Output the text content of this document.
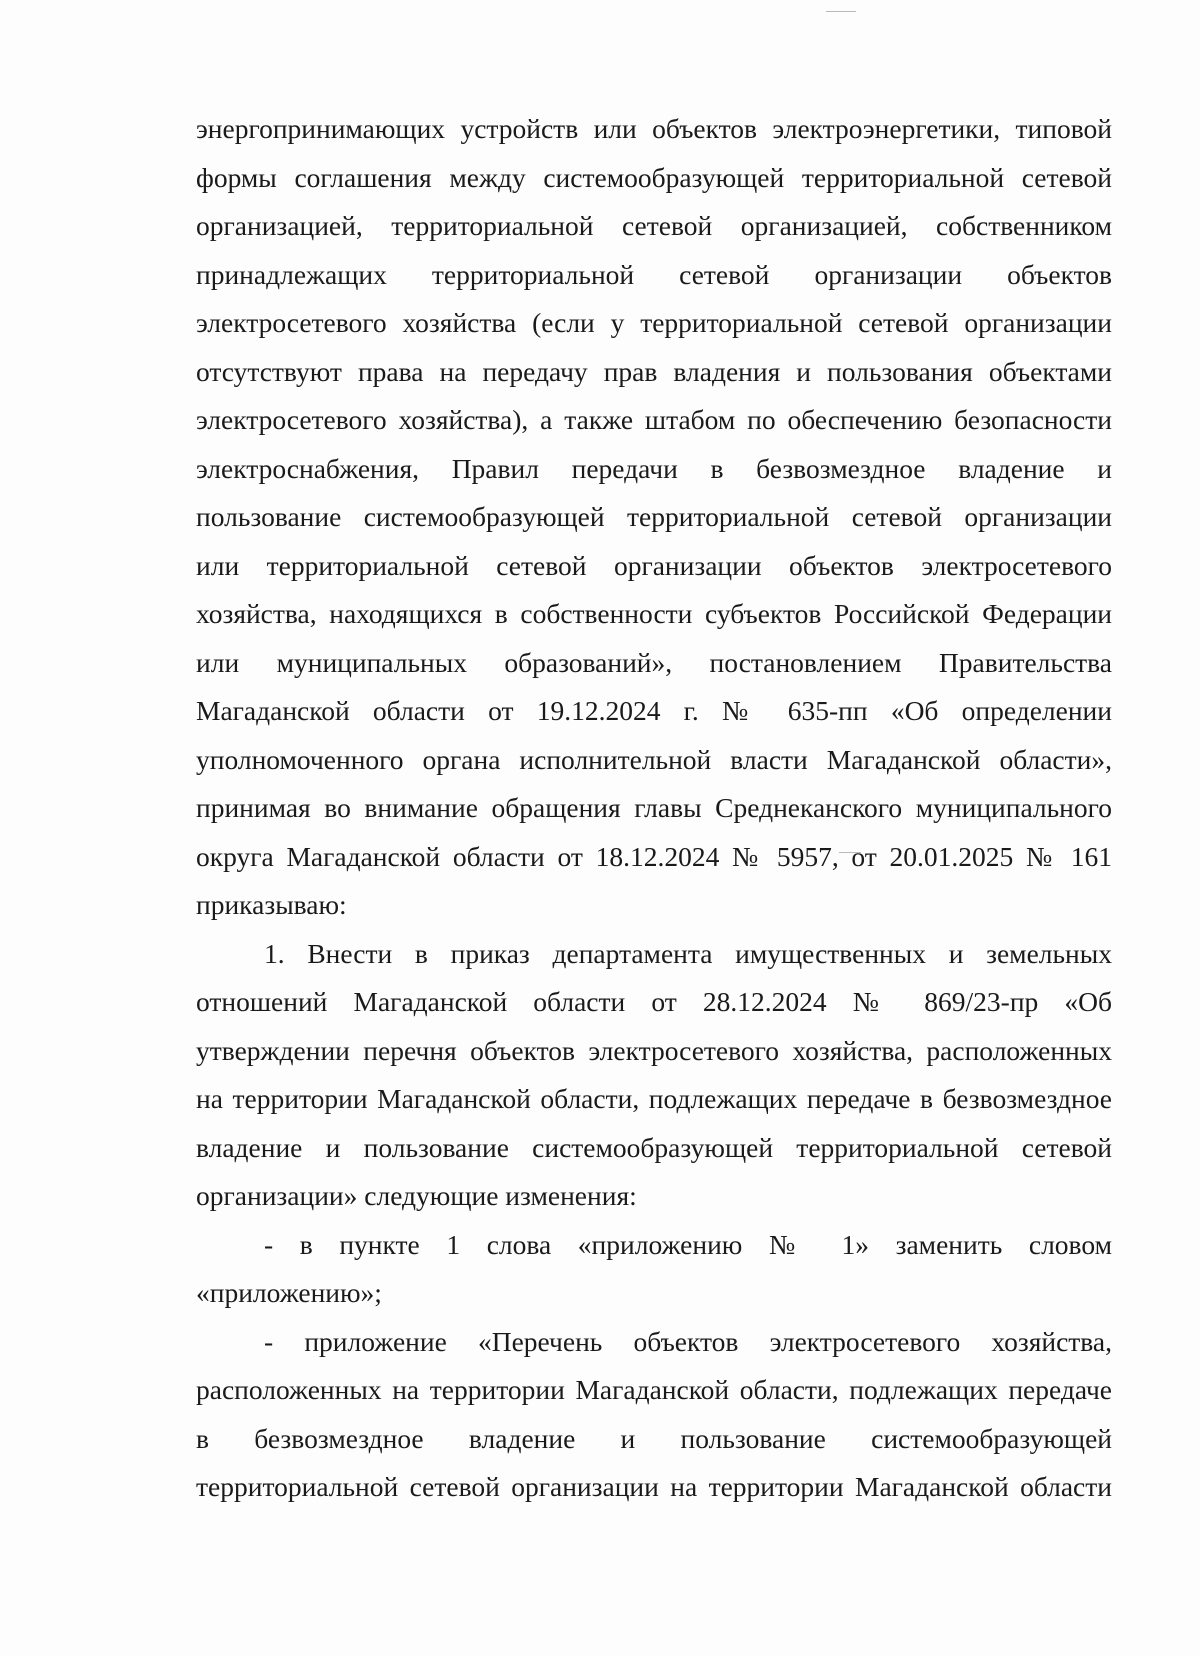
энергопринимающих устройств или объектов электроэнергетики, типовой
формы соглашения между системообразующей территориальной сетевой
организацией, территориальной сетевой организацией, собственником
принадлежащих территориальной сетевой организации объектов
электросетевого хозяйства (если у территориальной сетевой организации
отсутствуют права на передачу прав владения и пользования объектами
электросетевого хозяйства), а также штабом по обеспечению безопасности
электроснабжения, Правил передачи в безвозмездное владение и
пользование системообразующей территориальной сетевой организации
или территориальной сетевой организации объектов электросетевого
хозяйства, находящихся в собственности субъектов Российской Федерации
или муниципальных образований», постановлением Правительства
Магаданской области от 19.12.2024 г. № 635-пп «Об определении
уполномоченного органа исполнительной власти Магаданской области»,
принимая во внимание обращения главы Среднеканского муниципального
округа Магаданской области от 18.12.2024 № 5957, от 20.01.2025 № 161
приказываю:
1. Внести в приказ департамента имущественных и земельных
отношений Магаданской области от 28.12.2024 № 869/23-пр «Об
утверждении перечня объектов электросетевого хозяйства, расположенных
на территории Магаданской области, подлежащих передаче в безвозмездное
владение и пользование системообразующей территориальной сетевой
организации» следующие изменения:
- в пункте 1 слова «приложению № 1» заменить словом
«приложению»;
- приложение «Перечень объектов электросетевого хозяйства,
расположенных на территории Магаданской области, подлежащих передаче
в безвозмездное владение и пользование системообразующей
территориальной сетевой организации на территории Магаданской области
